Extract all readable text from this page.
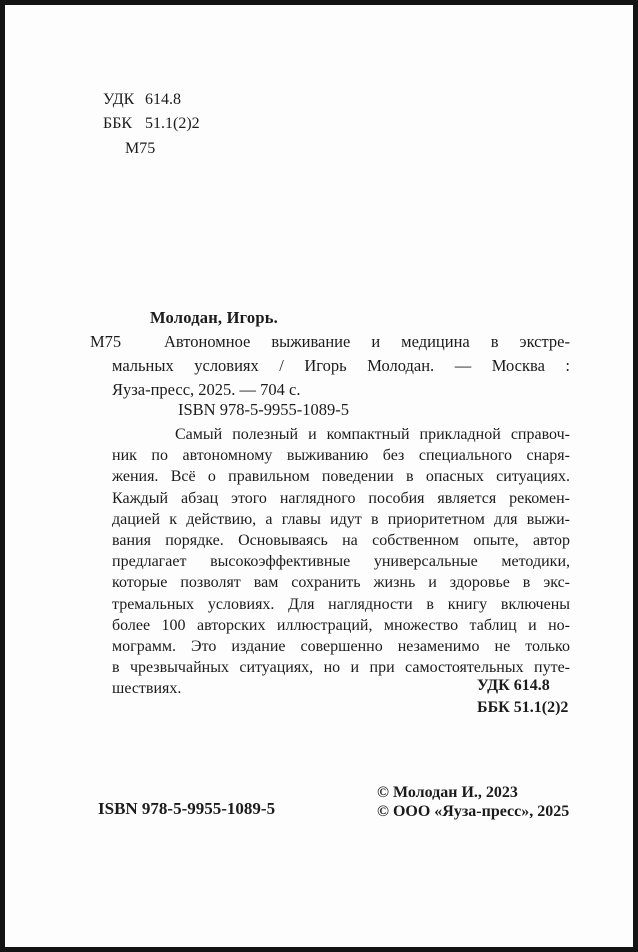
УДК 614.8
ББК 51.1(2)2
М75
Молодан, Игорь.
М75	Автономное выживание и медицина в экстре-
мальных условиях / Игорь Молодан. — Москва :
Яуза-пресс, 2025. — 704 с.
ISBN 978-5-9955-1089-5
Самый полезный и компактный прикладной справоч-
ник по автономному выживанию без специального снаря-
жения. Всё о правильном поведении в опасных ситуациях.
Каждый абзац этого наглядного пособия является рекомен-
дацией к действию, а главы идут в приоритетном для выжи-
вания порядке. Основываясь на собственном опыте, автор
предлагает высокоэффективные универсальные методики,
которые позволят вам сохранить жизнь и здоровье в экс-
тремальных условиях. Для наглядности в книгу включены
более 100 авторских иллюстраций, множество таблиц и но-
мограмм. Это издание совершенно незаменимо не только
в чрезвычайных ситуациях, но и при самостоятельных путе-
шествиях.	УДК 614.8
ББК 51.1(2)2
ISBN 978-5-9955-1089-5
© Молодан И., 2023
© ООО «Яуза-пресс», 2025
